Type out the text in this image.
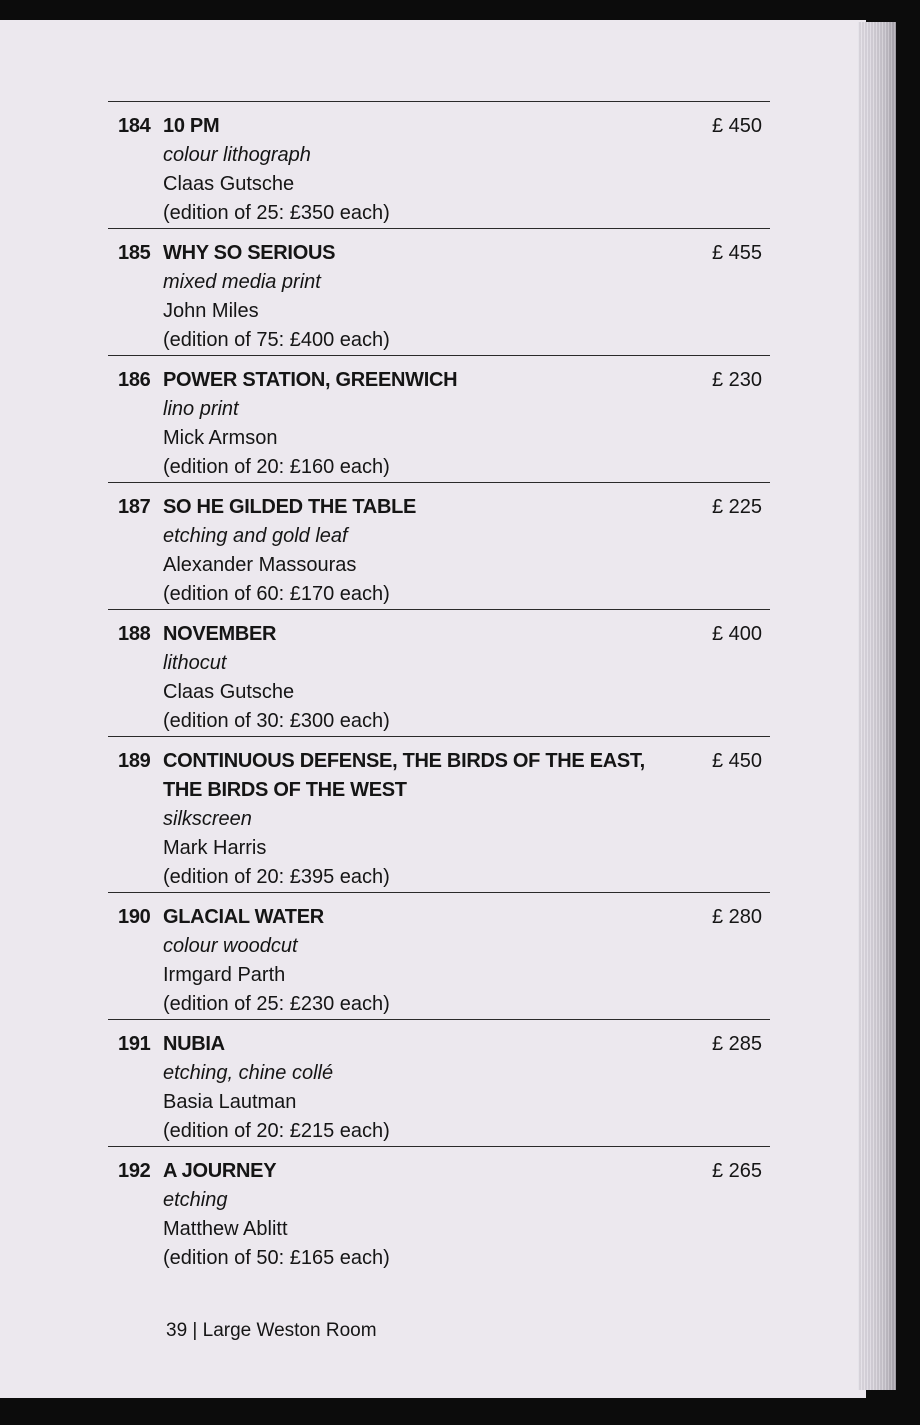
184 10 PM
colour lithograph
Claas Gutsche
(edition of 25: £350 each)
£ 450
185 WHY SO SERIOUS
mixed media print
John Miles
(edition of 75: £400 each)
£ 455
186 POWER STATION, GREENWICH
lino print
Mick Armson
(edition of 20: £160 each)
£ 230
187 SO HE GILDED THE TABLE
etching and gold leaf
Alexander Massouras
(edition of 60: £170 each)
£ 225
188 NOVEMBER
lithocut
Claas Gutsche
(edition of 30: £300 each)
£ 400
189 CONTINUOUS DEFENSE, THE BIRDS OF THE EAST, THE BIRDS OF THE WEST
silkscreen
Mark Harris
(edition of 20: £395 each)
£ 450
190 GLACIAL WATER
colour woodcut
Irmgard Parth
(edition of 25: £230 each)
£ 280
191 NUBIA
etching, chine collé
Basia Lautman
(edition of 20: £215 each)
£ 285
192 A JOURNEY
etching
Matthew Ablitt
(edition of 50: £165 each)
£ 265
39 | Large Weston Room
